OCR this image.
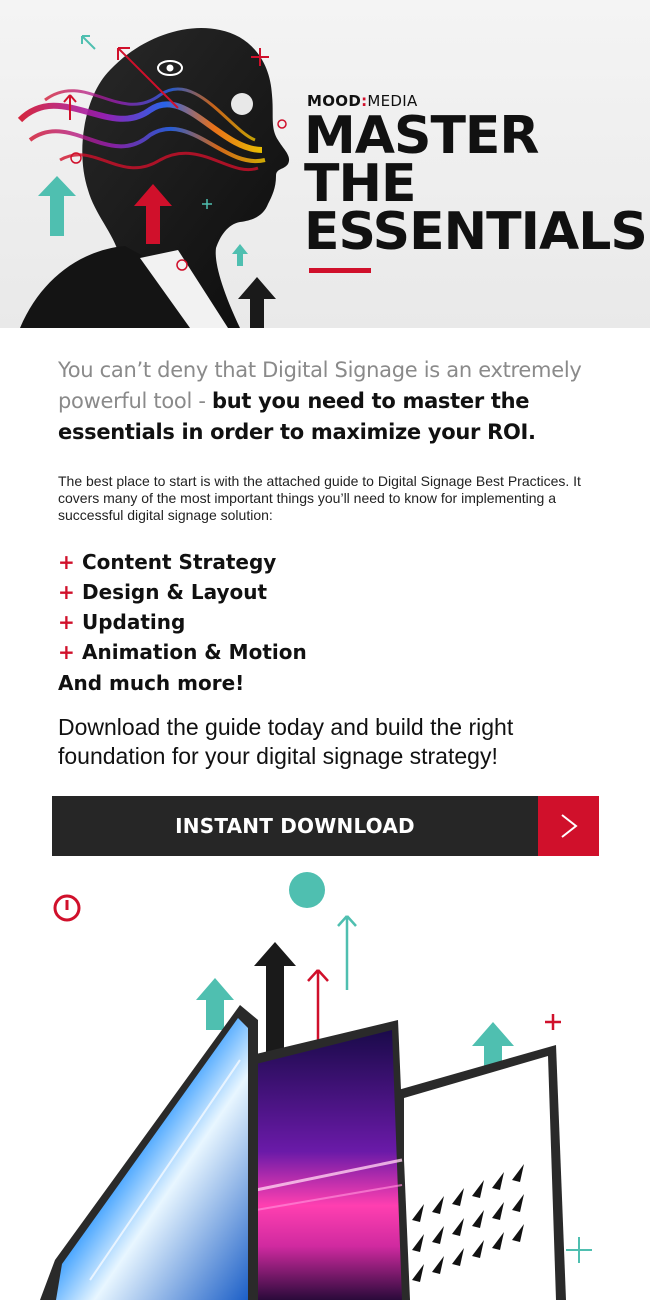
MOOD:MEDIA
MASTER
THE
ESSENTIALS

You can’t deny that Digital Signage is an extremely powerful tool - but you need to master the essentials in order to maximize your ROI.

The best place to start is with the attached guide to Digital Signage Best Practices. It covers many of the most important things you’ll need to know for implementing a successful digital signage solution:

+ Content Strategy
+ Design & Layout
+ Updating
+ Animation & Motion
And much more!

Download the guide today and build the right foundation for your digital signage strategy!

INSTANT DOWNLOAD
